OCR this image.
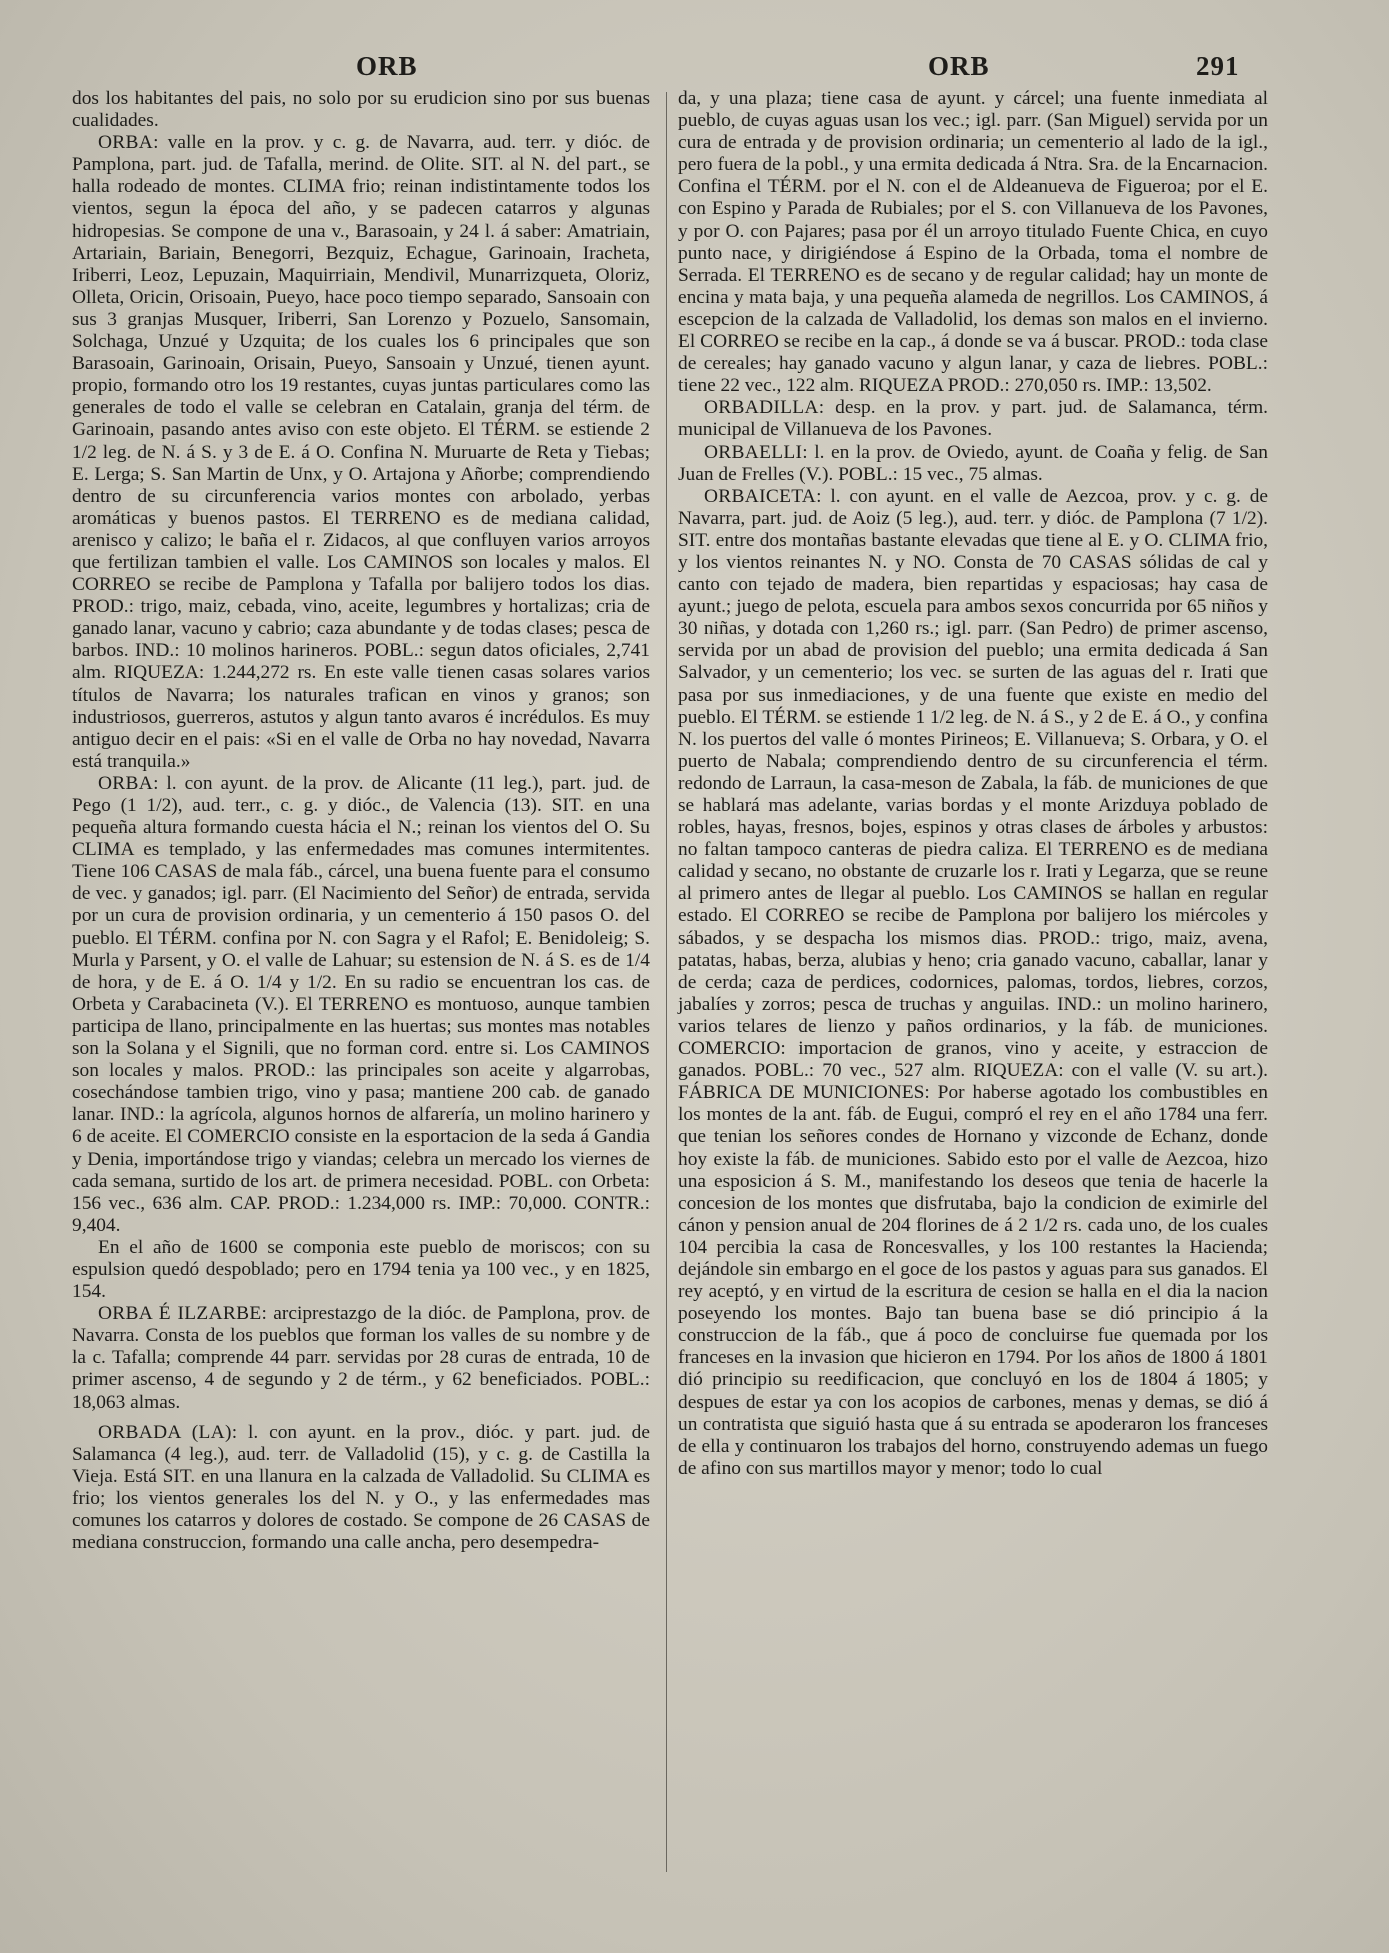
ORB	ORB	291

dos los habitantes del pais, no solo por su erudicion sino por sus buenas cualidades.

ORBA: valle en la prov. y c. g. de Navarra, aud. terr. y dióc. de Pamplona, part. jud. de Tafalla, merind. de Olite. SIT. al N. del part., se halla rodeado de montes. CLIMA frio; reinan indistintamente todos los vientos, segun la época del año, y se padecen catarros y algunas hidropesias. Se compone de una v., Barasoain, y 24 l. á saber: Amatriain, Artariain, Bariain, Benegorri, Bezquiz, Echague, Garinoain, Iracheta, Iriberri, Leoz, Lepuzain, Maquirriain, Mendivil, Munarrizqueta, Oloriz, Olleta, Oricin, Orisoain, Pueyo, hace poco tiempo separado, Sansoain con sus 3 granjas Musquer, Iriberri, San Lorenzo y Pozuelo, Sansomain, Solchaga, Unzué y Uzquita; de los cuales los 6 principales que son Barasoain, Garinoain, Orisain, Pueyo, Sansoain y Unzué, tienen ayunt. propio, formando otro los 19 restantes, cuyas juntas particulares como las generales de todo el valle se celebran en Catalain, granja del térm. de Garinoain, pasando antes aviso con este objeto. El TÉRM. se estiende 2 1/2 leg. de N. á S. y 3 de E. á O. Confina N. Muruarte de Reta y Tiebas; E. Lerga; S. San Martin de Unx, y O. Artajona y Añorbe; comprendiendo dentro de su circunferencia varios montes con arbolado, yerbas aromáticas y buenos pastos. El TERRENO es de mediana calidad, arenisco y calizo; le baña el r. Zidacos, al que confluyen varios arroyos que fertilizan tambien el valle. Los CAMINOS son locales y malos. El CORREO se recibe de Pamplona y Tafalla por balijero todos los dias. PROD.: trigo, maiz, cebada, vino, aceite, legumbres y hortalizas; cria de ganado lanar, vacuno y cabrio; caza abundante y de todas clases; pesca de barbos. IND.: 10 molinos harineros. POBL.: segun datos oficiales, 2,741 alm. RIQUEZA: 1.244,272 rs. En este valle tienen casas solares varios títulos de Navarra; los naturales trafican en vinos y granos; son industriosos, guerreros, astutos y algun tanto avaros é incrédulos. Es muy antiguo decir en el pais: «Si en el valle de Orba no hay novedad, Navarra está tranquila.»

ORBA: l. con ayunt. de la prov. de Alicante (11 leg.), part. jud. de Pego (1 1/2), aud. terr., c. g. y dióc., de Valencia (13). SIT. en una pequeña altura formando cuesta hácia el N.; reinan los vientos del O. Su CLIMA es templado, y las enfermedades mas comunes intermitentes. Tiene 106 CASAS de mala fáb., cárcel, una buena fuente para el consumo de vec. y ganados; igl. parr. (El Nacimiento del Señor) de entrada, servida por un cura de provision ordinaria, y un cementerio á 150 pasos O. del pueblo. El TÉRM. confina por N. con Sagra y el Rafol; E. Benidoleig; S. Murla y Parsent, y O. el valle de Lahuar; su estension de N. á S. es de 1/4 de hora, y de E. á O. 1/4 y 1/2. En su radio se encuentran los cas. de Orbeta y Carabacineta (V.). El TERRENO es montuoso, aunque tambien participa de llano, principalmente en las huertas; sus montes mas notables son la Solana y el Signili, que no forman cord. entre si. Los CAMINOS son locales y malos. PROD.: las principales son aceite y algarrobas, cosechándose tambien trigo, vino y pasa; mantiene 200 cab. de ganado lanar. IND.: la agrícola, algunos hornos de alfarería, un molino harinero y 6 de aceite. El COMERCIO consiste en la esportacion de la seda á Gandia y Denia, importándose trigo y viandas; celebra un mercado los viernes de cada semana, surtido de los art. de primera necesidad. POBL. con Orbeta: 156 vec., 636 alm. CAP. PROD.: 1.234,000 rs. IMP.: 70,000. CONTR.: 9,404.

En el año de 1600 se componia este pueblo de moriscos; con su espulsion quedó despoblado; pero en 1794 tenia ya 100 vec., y en 1825, 154.

ORBA É ILZARBE: arciprestazgo de la dióc. de Pamplona, prov. de Navarra. Consta de los pueblos que forman los valles de su nombre y de la c. Tafalla; comprende 44 parr. servidas por 28 curas de entrada, 10 de primer ascenso, 4 de segundo y 2 de térm., y 62 beneficiados. POBL.: 18,063 almas.

ORBADA (LA): l. con ayunt. en la prov., dióc. y part. jud. de Salamanca (4 leg.), aud. terr. de Valladolid (15), y c. g. de Castilla la Vieja. Está SIT. en una llanura en la calzada de Valladolid. Su CLIMA es frio; los vientos generales los del N. y O., y las enfermedades mas comunes los catarros y dolores de costado. Se compone de 26 CASAS de mediana construccion, formando una calle ancha, pero desempedra-

da, y una plaza; tiene casa de ayunt. y cárcel; una fuente inmediata al pueblo, de cuyas aguas usan los vec.; igl. parr. (San Miguel) servida por un cura de entrada y de provision ordinaria; un cementerio al lado de la igl., pero fuera de la pobl., y una ermita dedicada á Ntra. Sra. de la Encarnacion. Confina el TÉRM. por el N. con el de Aldeanueva de Figueroa; por el E. con Espino y Parada de Rubiales; por el S. con Villanueva de los Pavones, y por O. con Pajares; pasa por él un arroyo titulado Fuente Chica, en cuyo punto nace, y dirigiéndose á Espino de la Orbada, toma el nombre de Serrada. El TERRENO es de secano y de regular calidad; hay un monte de encina y mata baja, y una pequeña alameda de negrillos. Los CAMINOS, á escepcion de la calzada de Valladolid, los demas son malos en el invierno. El CORREO se recibe en la cap., á donde se va á buscar. PROD.: toda clase de cereales; hay ganado vacuno y algun lanar, y caza de liebres. POBL.: tiene 22 vec., 122 alm. RIQUEZA PROD.: 270,050 rs. IMP.: 13,502.

ORBADILLA: desp. en la prov. y part. jud. de Salamanca, térm. municipal de Villanueva de los Pavones.

ORBAELLI: l. en la prov. de Oviedo, ayunt. de Coaña y felig. de San Juan de Frelles (V.). POBL.: 15 vec., 75 almas.

ORBAICETA: l. con ayunt. en el valle de Aezcoa, prov. y c. g. de Navarra, part. jud. de Aoiz (5 leg.), aud. terr. y dióc. de Pamplona (7 1/2). SIT. entre dos montañas bastante elevadas que tiene al E. y O. CLIMA frio, y los vientos reinantes N. y NO. Consta de 70 CASAS sólidas de cal y canto con tejado de madera, bien repartidas y espaciosas; hay casa de ayunt.; juego de pelota, escuela para ambos sexos concurrida por 65 niños y 30 niñas, y dotada con 1,260 rs.; igl. parr. (San Pedro) de primer ascenso, servida por un abad de provision del pueblo; una ermita dedicada á San Salvador, y un cementerio; los vec. se surten de las aguas del r. Irati que pasa por sus inmediaciones, y de una fuente que existe en medio del pueblo. El TÉRM. se estiende 1 1/2 leg. de N. á S., y 2 de E. á O., y confina N. los puertos del valle ó montes Pirineos; E. Villanueva; S. Orbara, y O. el puerto de Nabala; comprendiendo dentro de su circunferencia el térm. redondo de Larraun, la casa-meson de Zabala, la fáb. de municiones de que se hablará mas adelante, varias bordas y el monte Arizduya poblado de robles, hayas, fresnos, bojes, espinos y otras clases de árboles y arbustos: no faltan tampoco canteras de piedra caliza. El TERRENO es de mediana calidad y secano, no obstante de cruzarle los r. Irati y Legarza, que se reune al primero antes de llegar al pueblo. Los CAMINOS se hallan en regular estado. El CORREO se recibe de Pamplona por balijero los miércoles y sábados, y se despacha los mismos dias. PROD.: trigo, maiz, avena, patatas, habas, berza, alubias y heno; cria ganado vacuno, caballar, lanar y de cerda; caza de perdices, codornices, palomas, tordos, liebres, corzos, jabalíes y zorros; pesca de truchas y anguilas. IND.: un molino harinero, varios telares de lienzo y paños ordinarios, y la fáb. de municiones. COMERCIO: importacion de granos, vino y aceite, y estraccion de ganados. POBL.: 70 vec., 527 alm. RIQUEZA: con el valle (V. su art.). FÁBRICA DE MUNICIONES: Por haberse agotado los combustibles en los montes de la ant. fáb. de Eugui, compró el rey en el año 1784 una ferr. que tenian los señores condes de Hornano y vizconde de Echanz, donde hoy existe la fáb. de municiones. Sabido esto por el valle de Aezcoa, hizo una esposicion á S. M., manifestando los deseos que tenia de hacerle la concesion de los montes que disfrutaba, bajo la condicion de eximirle del cánon y pension anual de 204 florines de á 2 1/2 rs. cada uno, de los cuales 104 percibia la casa de Roncesvalles, y los 100 restantes la Hacienda; dejándole sin embargo en el goce de los pastos y aguas para sus ganados. El rey aceptó, y en virtud de la escritura de cesion se halla en el dia la nacion poseyendo los montes. Bajo tan buena base se dió principio á la construccion de la fáb., que á poco de concluirse fue quemada por los franceses en la invasion que hicieron en 1794. Por los años de 1800 á 1801 dió principio su reedificacion, que concluyó en los de 1804 á 1805; y despues de estar ya con los acopios de carbones, menas y demas, se dió á un contratista que siguió hasta que á su entrada se apoderaron los franceses de ella y continuaron los trabajos del horno, construyendo ademas un fuego de afino con sus martillos mayor y menor; todo lo cual
